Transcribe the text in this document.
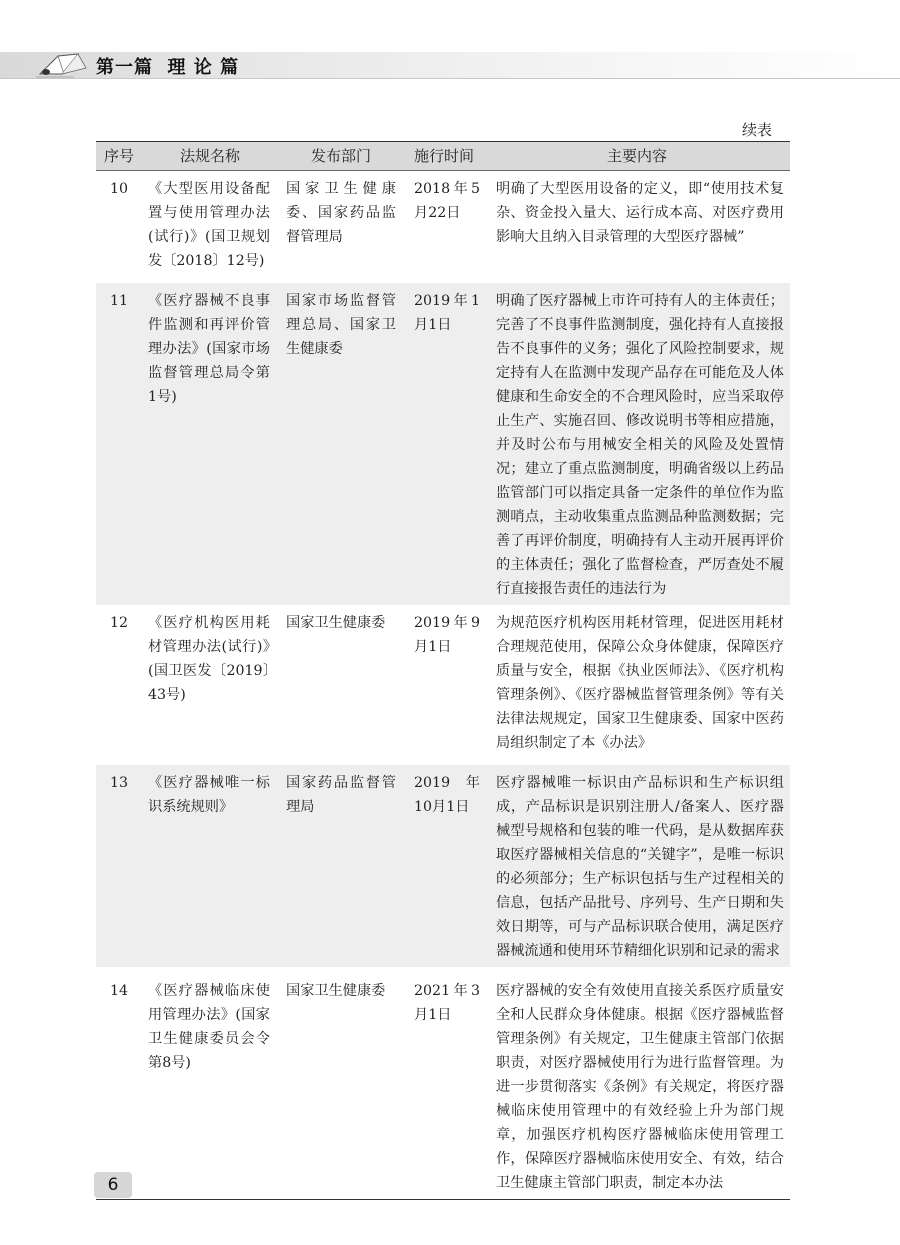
第一篇  理 论 篇
续表
序号	法规名称	发布部门	施行时间	主要内容
10	《大型医用设备配置与使用管理办法(试行)》(国卫规划发〔2018〕12号)	国家卫生健康委、国家药品监督管理局	2018年5月22日	明确了大型医用设备的定义，即“使用技术复杂、资金投入量大、运行成本高、对医疗费用影响大且纳入目录管理的大型医疗器械”
11	《医疗器械不良事件监测和再评价管理办法》(国家市场监督管理总局令第1号)	国家市场监督管理总局、国家卫生健康委	2019年1月1日	明确了医疗器械上市许可持有人的主体责任；完善了不良事件监测制度，强化持有人直接报告不良事件的义务；强化了风险控制要求，规定持有人在监测中发现产品存在可能危及人体健康和生命安全的不合理风险时，应当采取停止生产、实施召回、修改说明书等相应措施，并及时公布与用械安全相关的风险及处置情况；建立了重点监测制度，明确省级以上药品监管部门可以指定具备一定条件的单位作为监测哨点，主动收集重点监测品种监测数据；完善了再评价制度，明确持有人主动开展再评价的主体责任；强化了监督检查，严厉查处不履行直接报告责任的违法行为
12	《医疗机构医用耗材管理办法(试行)》(国卫医发〔2019〕43号)	国家卫生健康委	2019年9月1日	为规范医疗机构医用耗材管理，促进医用耗材合理规范使用，保障公众身体健康，保障医疗质量与安全，根据《执业医师法》、《医疗机构管理条例》、《医疗器械监督管理条例》等有关法律法规规定，国家卫生健康委、国家中医药局组织制定了本《办法》
13	《医疗器械唯一标识系统规则》	国家药品监督管理局	2019年10月1日	医疗器械唯一标识由产品标识和生产标识组成，产品标识是识别注册人/备案人、医疗器械型号规格和包装的唯一代码，是从数据库获取医疗器械相关信息的“关键字”，是唯一标识的必须部分；生产标识包括与生产过程相关的信息，包括产品批号、序列号、生产日期和失效日期等，可与产品标识联合使用，满足医疗器械流通和使用环节精细化识别和记录的需求
14	《医疗器械临床使用管理办法》(国家卫生健康委员会令第8号)	国家卫生健康委	2021年3月1日	医疗器械的安全有效使用直接关系医疗质量安全和人民群众身体健康。根据《医疗器械监督管理条例》有关规定，卫生健康主管部门依据职责，对医疗器械使用行为进行监督管理。为进一步贯彻落实《条例》有关规定，将医疗器械临床使用管理中的有效经验上升为部门规章，加强医疗机构医疗器械临床使用管理工作，保障医疗器械临床使用安全、有效，结合卫生健康主管部门职责，制定本办法
6
